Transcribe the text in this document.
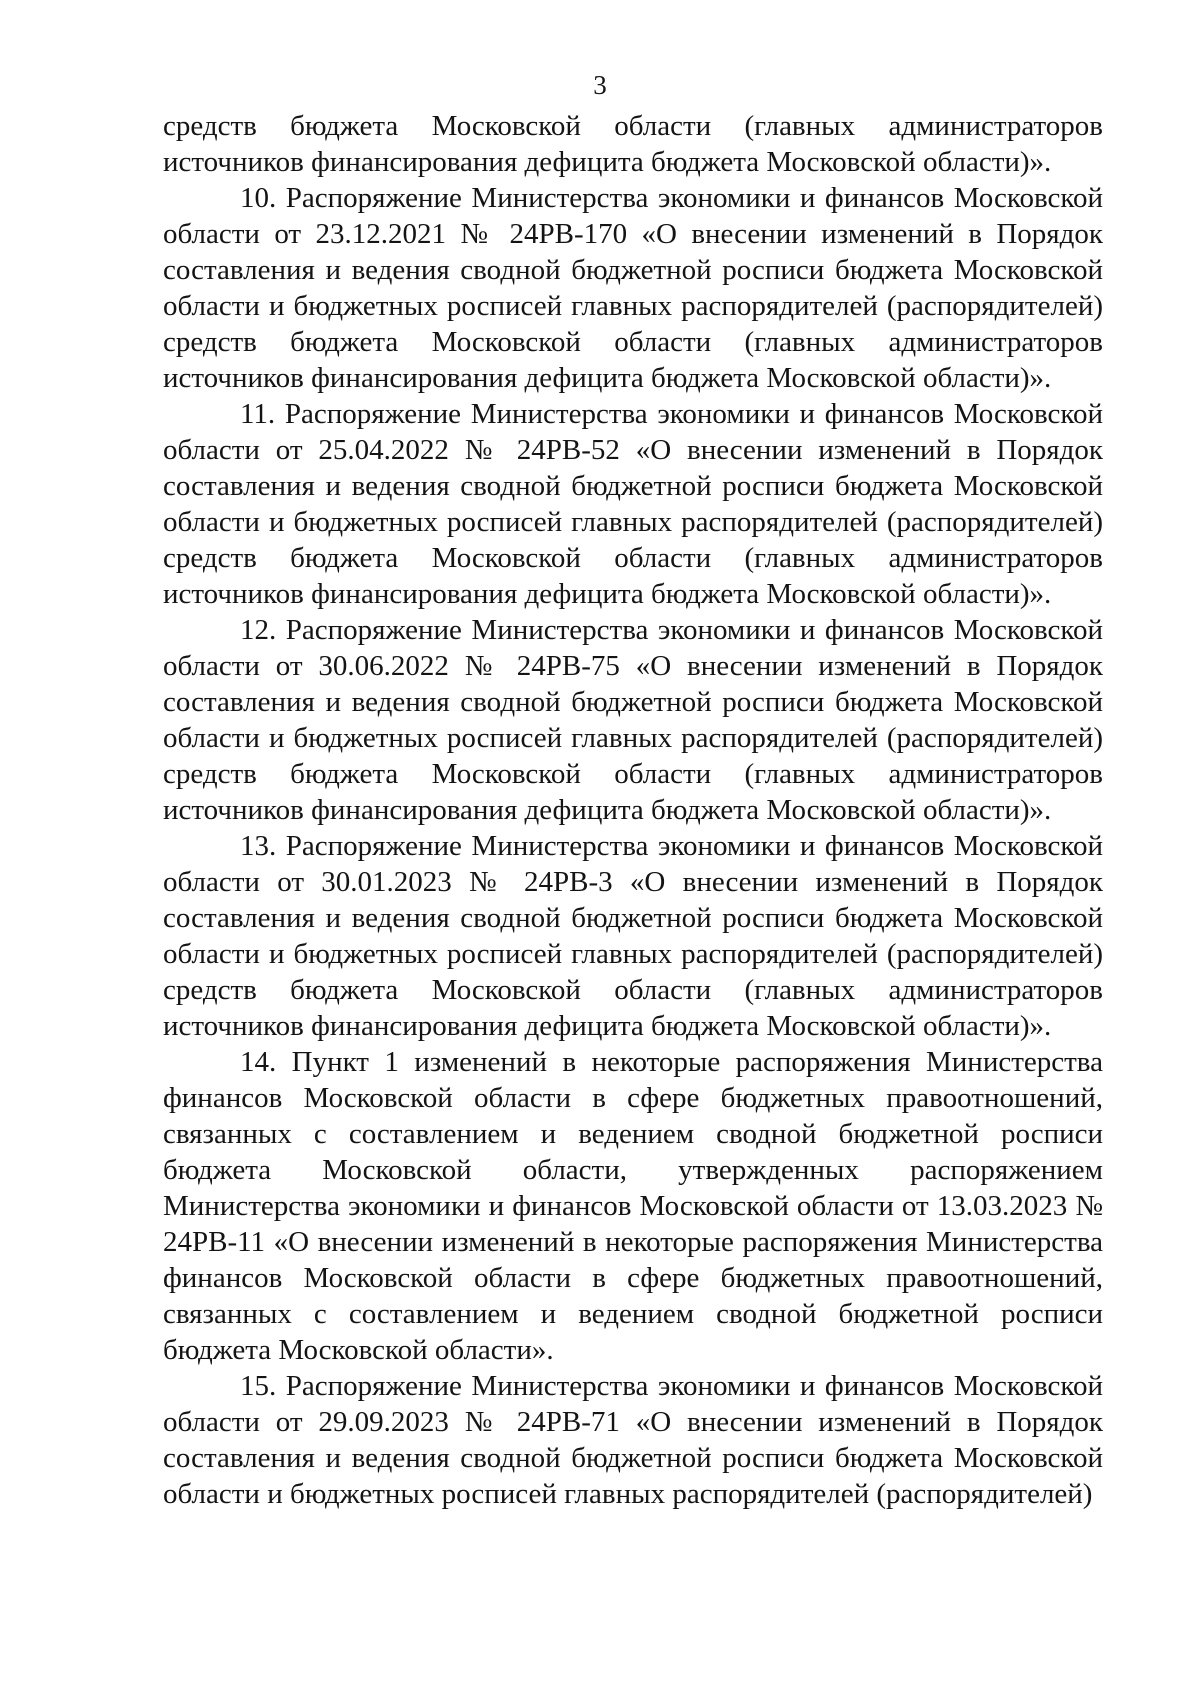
3

средств бюджета Московской области (главных администраторов источников финансирования дефицита бюджета Московской области)».

10. Распоряжение Министерства экономики и финансов Московской области от 23.12.2021 № 24РВ-170 «О внесении изменений в Порядок составления и ведения сводной бюджетной росписи бюджета Московской области и бюджетных росписей главных распорядителей (распорядителей) средств бюджета Московской области (главных администраторов источников финансирования дефицита бюджета Московской области)».

11. Распоряжение Министерства экономики и финансов Московской области от 25.04.2022 № 24РВ-52 «О внесении изменений в Порядок составления и ведения сводной бюджетной росписи бюджета Московской области и бюджетных росписей главных распорядителей (распорядителей) средств бюджета Московской области (главных администраторов источников финансирования дефицита бюджета Московской области)».

12. Распоряжение Министерства экономики и финансов Московской области от 30.06.2022 № 24РВ-75 «О внесении изменений в Порядок составления и ведения сводной бюджетной росписи бюджета Московской области и бюджетных росписей главных распорядителей (распорядителей) средств бюджета Московской области (главных администраторов источников финансирования дефицита бюджета Московской области)».

13. Распоряжение Министерства экономики и финансов Московской области от 30.01.2023 № 24РВ-3 «О внесении изменений в Порядок составления и ведения сводной бюджетной росписи бюджета Московской области и бюджетных росписей главных распорядителей (распорядителей) средств бюджета Московской области (главных администраторов источников финансирования дефицита бюджета Московской области)».

14. Пункт 1 изменений в некоторые распоряжения Министерства финансов Московской области в сфере бюджетных правоотношений, связанных с составлением и ведением сводной бюджетной росписи бюджета Московской области, утвержденных распоряжением Министерства экономики и финансов Московской области от 13.03.2023 № 24РВ-11 «О внесении изменений в некоторые распоряжения Министерства финансов Московской области в сфере бюджетных правоотношений, связанных с составлением и ведением сводной бюджетной росписи бюджета Московской области».

15. Распоряжение Министерства экономики и финансов Московской области от 29.09.2023 № 24РВ-71 «О внесении изменений в Порядок составления и ведения сводной бюджетной росписи бюджета Московской области и бюджетных росписей главных распорядителей (распорядителей)
